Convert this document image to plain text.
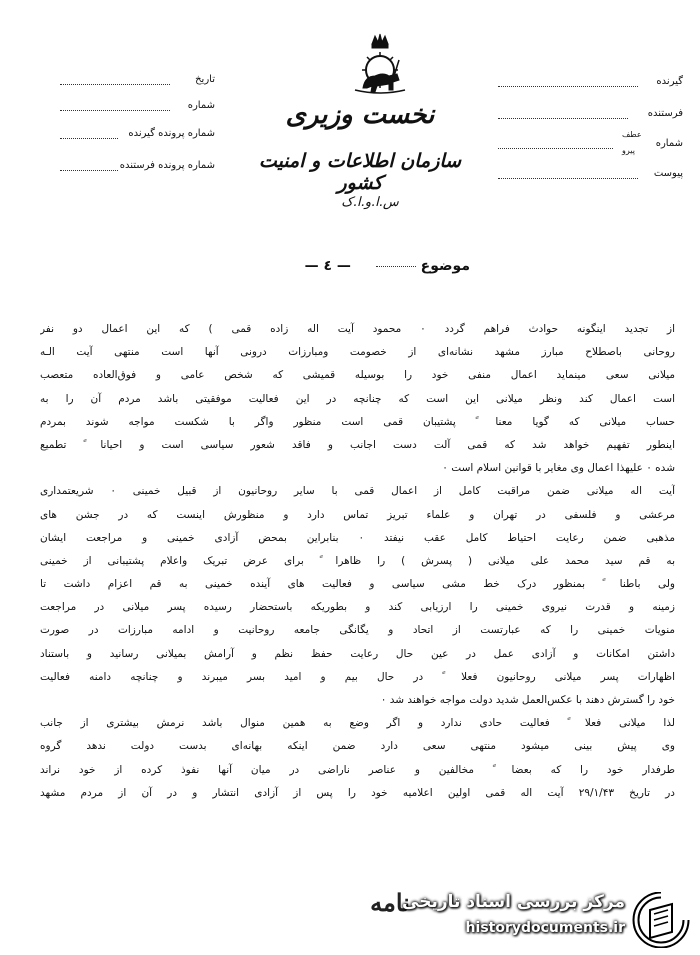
نخست وزیری
سازمان اطلاعات و امنیت کشور
س.ا.و.ا.ک
تاریخ
شماره
شماره پرونده گیرنده
شماره پرونده فرستنده
گیرنده
فرستنده
شماره
عطف
پیرو
پیوست
موضوع  — ٤ —
از تجدید اینگونه حوادث فراهم گردد ۰ محمود آیت اله زاده قمی ) که این اعمال دو نفر
روحانی باصطلاح مبارز مشهد نشانه‌ای از خصومت ومبارزات درونی آنها است منتهی آیت الـه
میلانی سعی مینماید اعمال منفی خود را بوسیله قمیشی که شخص عامی و فوق‌العاده متعصب
است اعمال کند ونظر میلانی این است که چنانچه در این فعالیت موفقیتی باشد مردم آن را به
حساب میلانی که گویا معنا ً پشتیبان قمی است منظور واگر با شکست مواجه شوند بمردم
اینطور تفهیم خواهد شد که قمی آلت دست اجانب و فاقد شعور سیاسی است و احیانا ً تطمیع
شده ۰ علیهذا اعمال وی مغایر با قوانین اسلام است ۰
آیت اله میلانی ضمن مراقبت کامل از اعمال قمی با سایر روحانیون از قبیل خمینی ۰ شریعتمداری
مرعشی و فلسفی در تهران و علماء تبریز تماس دارد و منظورش اینست که در جشن های
مذهبی ضمن رعایت احتیاط کامل عقب نیفتد ۰ بنابراین بمحض آزادی خمینی و مراجعت ایشان
به قم سید محمد علی میلانی ( پسرش ) را ظاهرا ً برای عرض تبریک واعلام پشتیبانی از خمینی
ولی باطنا ً بمنظور درک خط مشی سیاسی و فعالیت های آینده خمینی به قم اعزام داشت تا
زمینه و قدرت نیروی خمینی را ارزیابی کند و بطوریکه باستحضار رسیده پسر میلانی در مراجعت
منویات خمینی را که عبارتست از اتحاد و یگانگی جامعه روحانیت و ادامه مبارزات در صورت
داشتن امکانات و آزادی عمل در عین حال رعایت حفظ نظم و آرامش بمیلانی رسانید و باستناد
اظهارات پسر میلانی روحانیون فعلا ً در حال بیم و امید بسر میبرند و چنانچه دامنه فعالیت
خود را گسترش دهند با عکس‌العمل شدید دولت مواجه خواهند شد ۰
لذا میلانی فعلا ً فعالیت حادی ندارد و اگر وضع به همین منوال باشد نرمش بیشتری از جانب
وی پیش بینی میشود منتهی سعی دارد ضمن اینکه بهانه‌ای بدست دولت ندهد گروه
طرفدار خود را که بعضا ً مخالفین و عناصر ناراضی در میان آنها نفوذ کرده از خود نراند
در تاریخ ۲۹/۱/۴۳ آیت اله قمی اولین اعلامیه خود را پس از آزادی انتشار و در آن از مردم مشهد
نامه
مرکز بررسی اسناد تاریخی
historydocuments.ir
